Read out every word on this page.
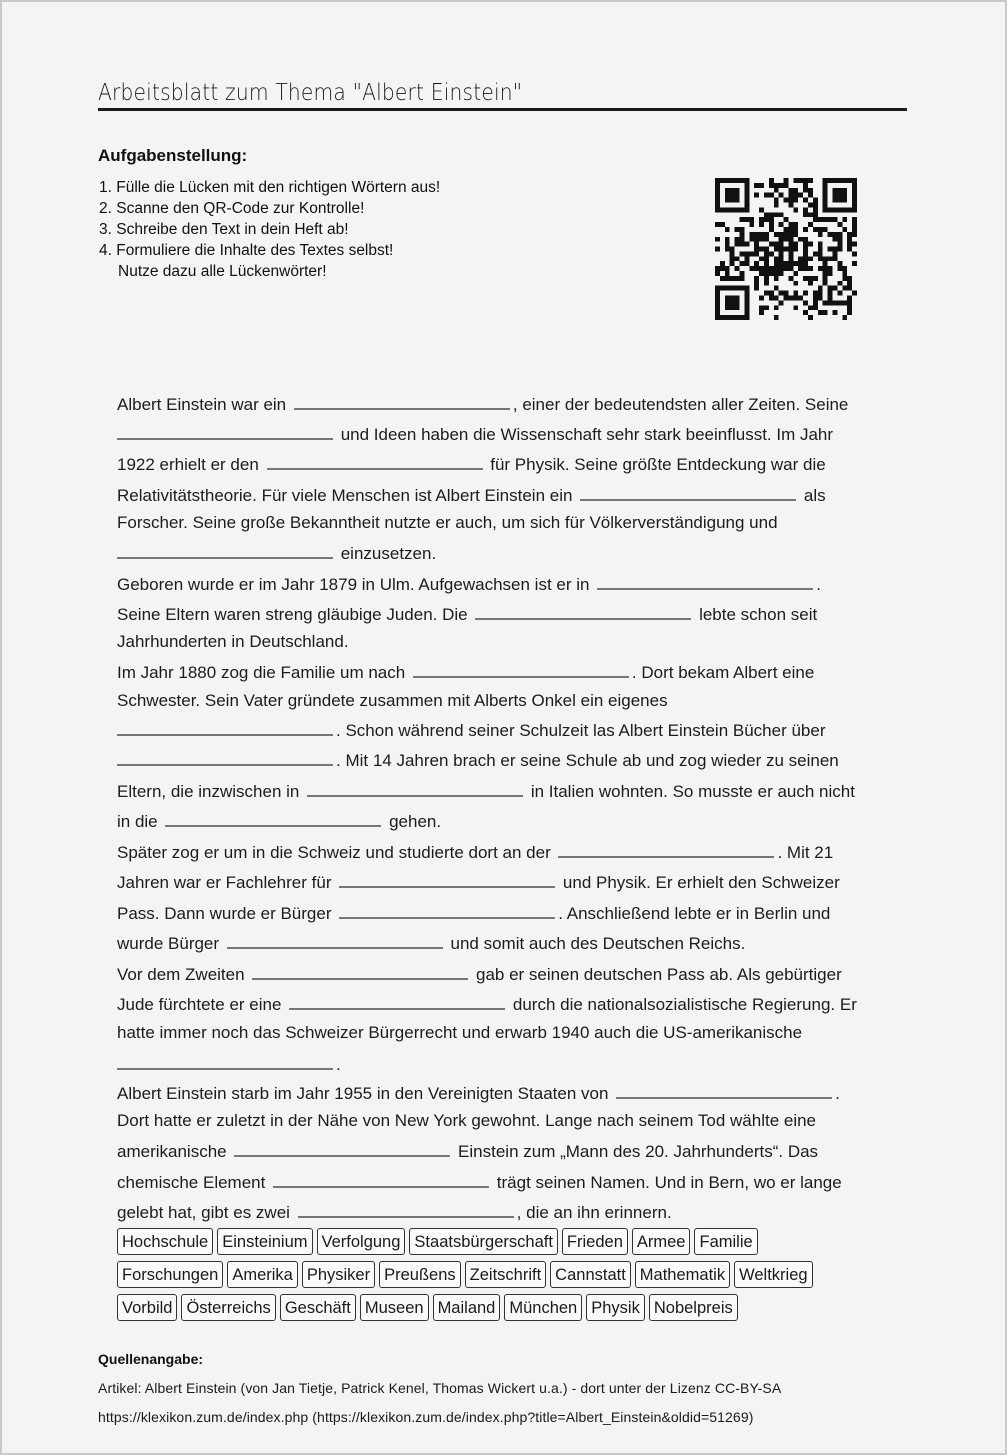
Arbeitsblatt zum Thema "Albert Einstein"
Aufgabenstellung:
1. Fülle die Lücken mit den richtigen Wörtern aus!
2. Scanne den QR-Code zur Kontrolle!
3. Schreibe den Text in dein Heft ab!
4. Formuliere die Inhalte des Textes selbst!
Nutze dazu alle Lückenwörter!
Albert Einstein war ein	, einer der bedeutendsten aller Zeiten. Seine
und Ideen haben die Wissenschaft sehr stark beeinflusst. Im Jahr
1922 erhielt er den	für Physik. Seine größte Entdeckung war die
Relativitätstheorie. Für viele Menschen ist Albert Einstein ein	als
Forscher. Seine große Bekanntheit nutzte er auch, um sich für Völkerverständigung und
einzusetzen.
Geboren wurde er im Jahr 1879 in Ulm. Aufgewachsen ist er in	.
Seine Eltern waren streng gläubige Juden. Die	lebte schon seit
Jahrhunderten in Deutschland.
Im Jahr 1880 zog die Familie um nach	. Dort bekam Albert eine
Schwester. Sein Vater gründete zusammen mit Alberts Onkel ein eigenes
. Schon während seiner Schulzeit las Albert Einstein Bücher über
. Mit 14 Jahren brach er seine Schule ab und zog wieder zu seinen
Eltern, die inzwischen in	in Italien wohnten. So musste er auch nicht
in die	gehen.
Später zog er um in die Schweiz und studierte dort an der	. Mit 21
Jahren war er Fachlehrer für	und Physik. Er erhielt den Schweizer
Pass. Dann wurde er Bürger	. Anschließend lebte er in Berlin und
wurde Bürger	und somit auch des Deutschen Reichs.
Vor dem Zweiten	gab er seinen deutschen Pass ab. Als gebürtiger
Jude fürchtete er eine	durch die nationalsozialistische Regierung. Er
hatte immer noch das Schweizer Bürgerrecht und erwarb 1940 auch die US-amerikanische
.
Albert Einstein starb im Jahr 1955 in den Vereinigten Staaten von	.
Dort hatte er zuletzt in der Nähe von New York gewohnt. Lange nach seinem Tod wählte eine
amerikanische	Einstein zum „Mann des 20. Jahrhunderts“. Das
chemische Element	trägt seinen Namen. Und in Bern, wo er lange
gelebt hat, gibt es zwei	, die an ihn erinnern.
Hochschule Einsteinium Verfolgung Staatsbürgerschaft Frieden Armee Familie
Forschungen Amerika Physiker Preußens Zeitschrift Cannstatt Mathematik Weltkrieg
Vorbild Österreichs Geschäft Museen Mailand München Physik Nobelpreis
Quellenangabe:
Artikel: Albert Einstein (von Jan Tietje, Patrick Kenel, Thomas Wickert u.a.) - dort unter der Lizenz CC-BY-SA
https://klexikon.zum.de/index.php (https://klexikon.zum.de/index.php?title=Albert_Einstein&oldid=51269)
